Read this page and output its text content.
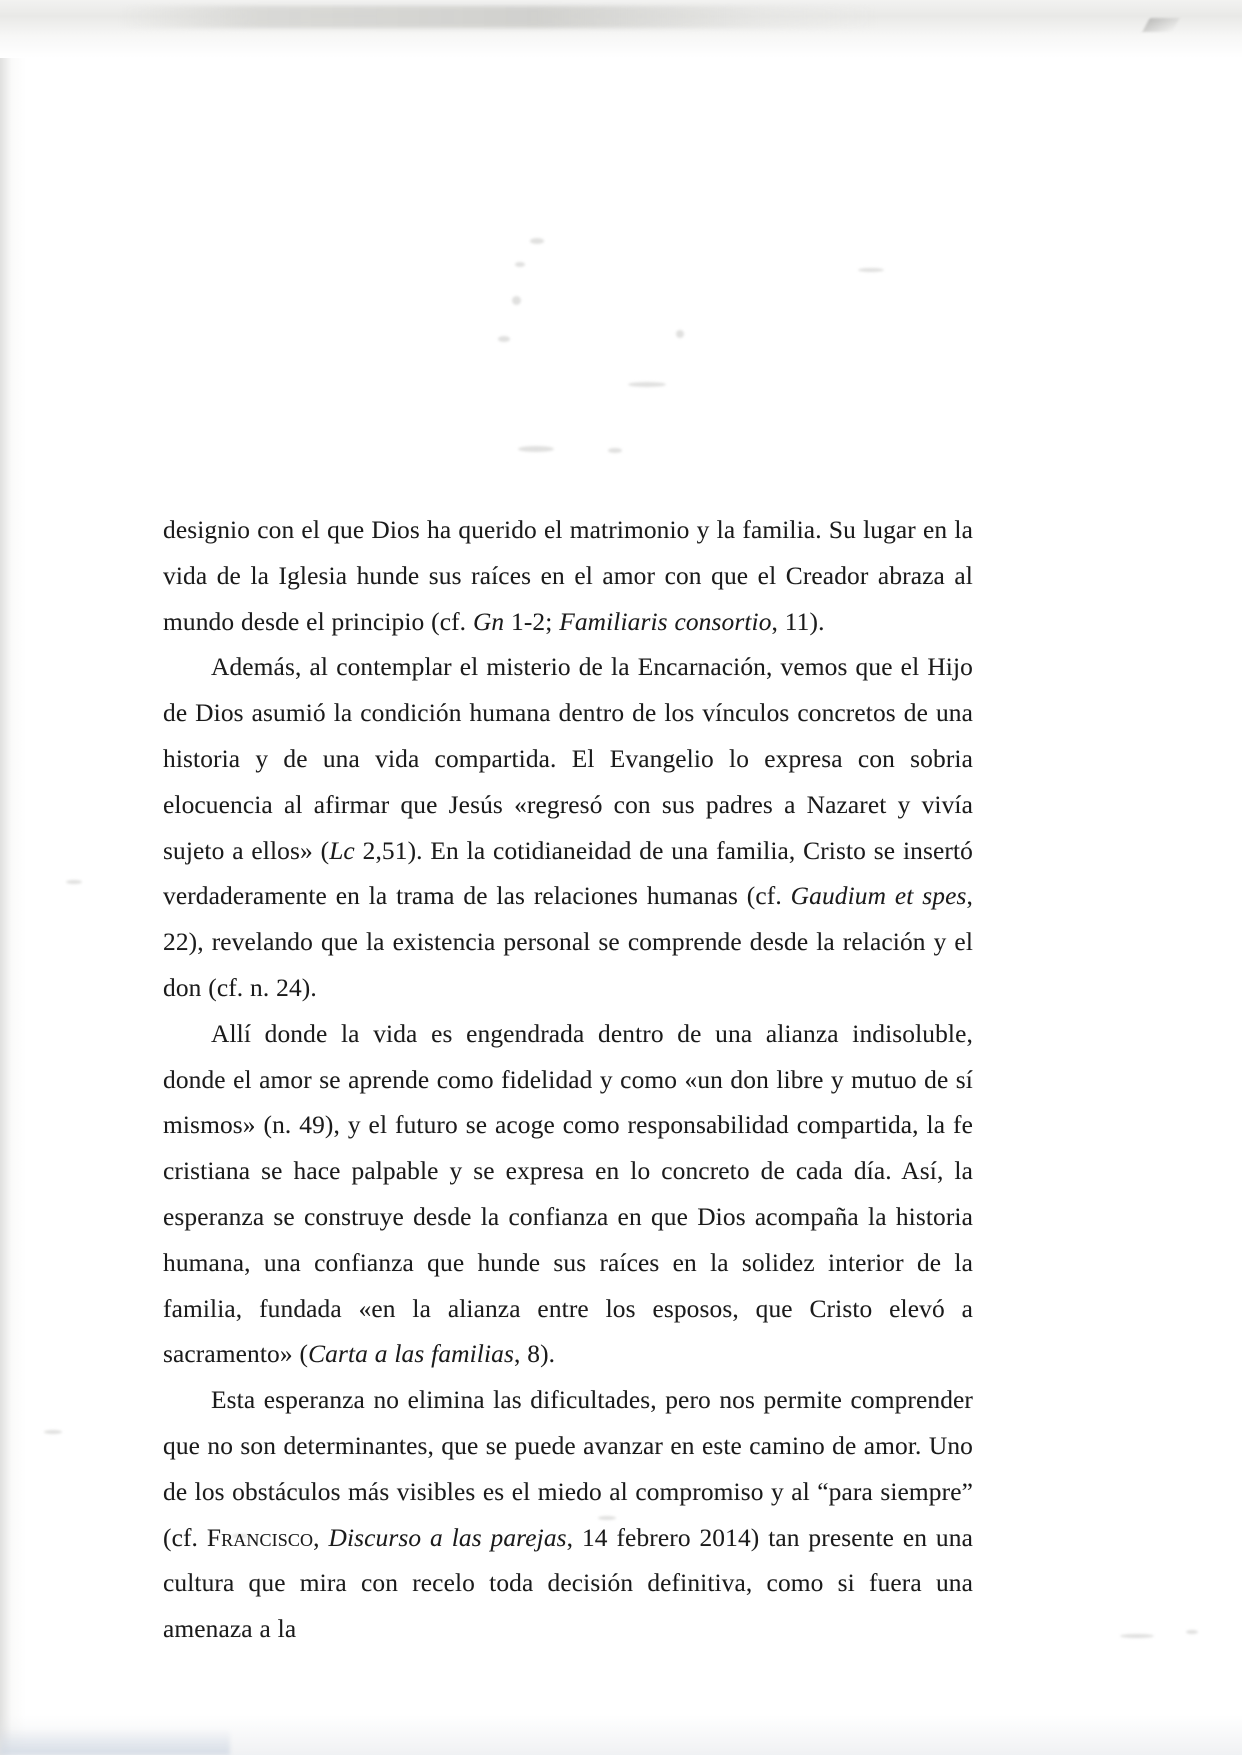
designio con el que Dios ha querido el matrimonio y la familia. Su lugar en la vida de la Iglesia hunde sus raíces en el amor con que el Creador abraza al mundo desde el principio (cf. Gn 1-2; Familiaris consortio, 11).

Además, al contemplar el misterio de la Encarnación, vemos que el Hijo de Dios asumió la condición humana dentro de los vínculos concretos de una historia y de una vida compartida. El Evangelio lo expresa con sobria elocuencia al afirmar que Jesús «regresó con sus padres a Nazaret y vivía sujeto a ellos» (Lc 2,51). En la cotidianeidad de una familia, Cristo se insertó verdaderamente en la trama de las relaciones humanas (cf. Gaudium et spes, 22), revelando que la existencia personal se comprende desde la relación y el don (cf. n. 24).

Allí donde la vida es engendrada dentro de una alianza indisoluble, donde el amor se aprende como fidelidad y como «un don libre y mutuo de sí mismos» (n. 49), y el futuro se acoge como responsabilidad compartida, la fe cristiana se hace palpable y se expresa en lo concreto de cada día. Así, la esperanza se construye desde la confianza en que Dios acompaña la historia humana, una confianza que hunde sus raíces en la solidez interior de la familia, fundada «en la alianza entre los esposos, que Cristo elevó a sacramento» (Carta a las familias, 8).

Esta esperanza no elimina las dificultades, pero nos permite comprender que no son determinantes, que se puede avanzar en este camino de amor. Uno de los obstáculos más visibles es el miedo al compromiso y al “para siempre” (cf. Francisco, Discurso a las parejas, 14 febrero 2014) tan presente en una cultura que mira con recelo toda decisión definitiva, como si fuera una amenaza a la
